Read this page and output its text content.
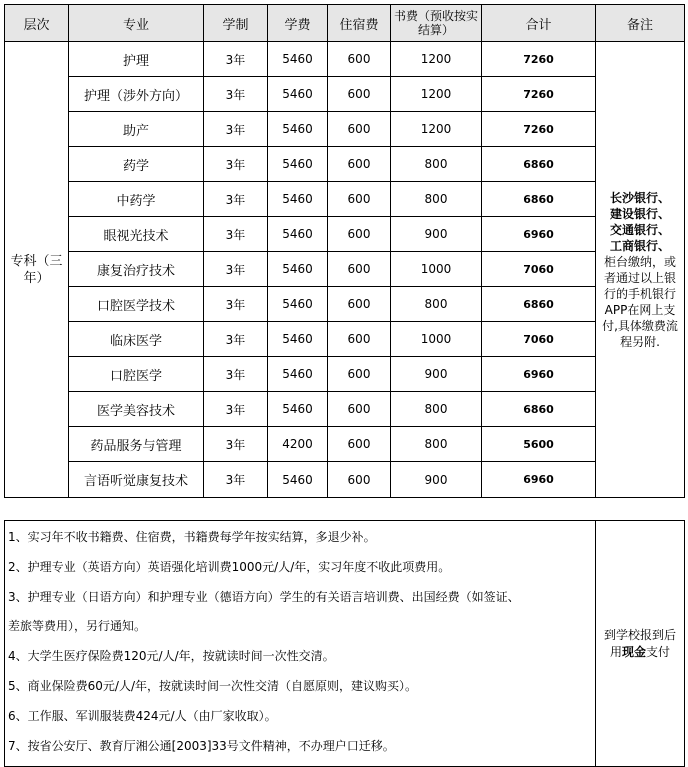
层次	专业	学制	学费	住宿费	书费（预收按实结算）	合计	备注
专科（三年）	护理	3年	5460	600	1200	7260	长沙银行、
建设银行、
交通银行、
工商银行、
柜台缴纳，或者通过以上银行的手机银行APP在网上支付,具体缴费流程另附.

	护理（涉外方向）	3年	5460	600	1200	7260	
	助产	3年	5460	600	1200	7260	
	药学	3年	5460	600	800	6860	
	中药学	3年	5460	600	800	6860	
	眼视光技术	3年	5460	600	900	6960	
	康复治疗技术	3年	5460	600	1000	7060	
	口腔医学技术	3年	5460	600	800	6860	
	临床医学	3年	5460	600	1000	7060	
	口腔医学	3年	5460	600	900	6960	
	医学美容技术	3年	5460	600	800	6860	
	药品服务与管理	3年	4200	600	800	5600	
	言语听觉康复技术	3年	5460	600	900	6960	
1、实习年不收书籍费、住宿费，书籍费每学年按实结算，多退少补。
2、护理专业（英语方向）英语强化培训费1000元/人/年，实习年度不收此项费用。
3、护理专业（日语方向）和护理专业（德语方向）学生的有关语言培训费、出国经费（如签证、
差旅等费用），另行通知。
4、大学生医疗保险费120元/人/年，按就读时间一次性交清。
5、商业保险费60元/人/年，按就读时间一次性交清（自愿原则，建议购买）。
6、工作服、军训服装费424元/人（由厂家收取）。
7、按省公安厅、教育厅湘公通[2003]33号文件精神，不办理户口迁移。
	到学校报到后用现金支付
